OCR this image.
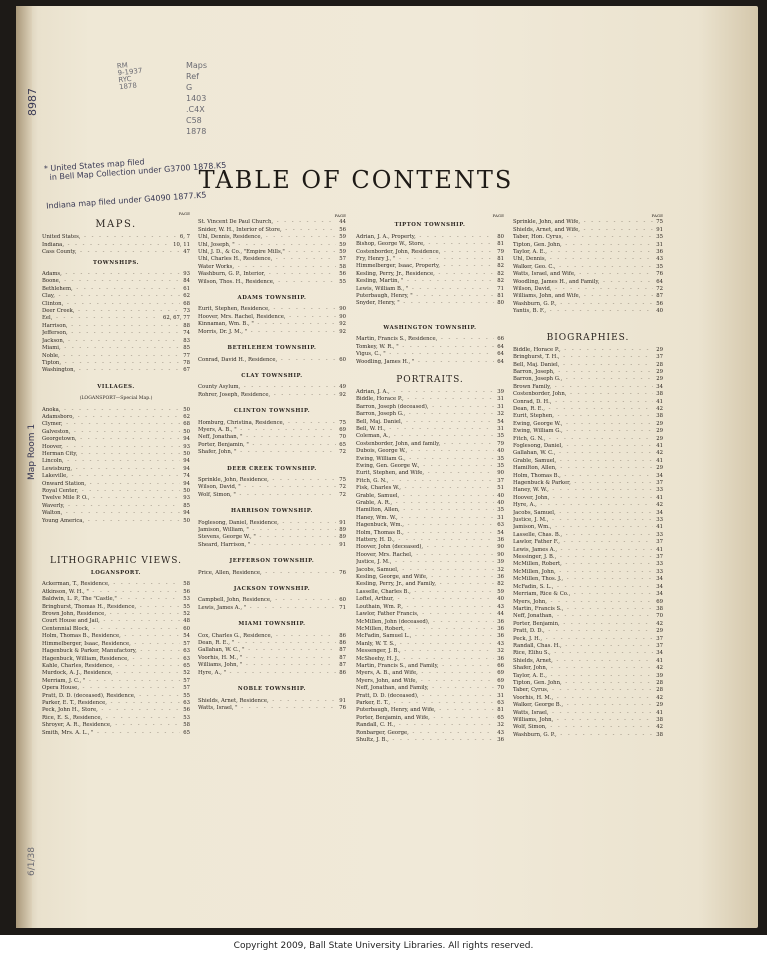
RM
9-1937
RYC
1878
Maps
Ref
G
1403
.C4X
C58
1878
8987
* United States map filed
in Bell Map Collection under G3700 1878.K5
Indiana map filed under G4090 1877.K5
Map Room 1
6/1/38
TABLE OF CONTENTS
PAGE
MAPS.
United States, - - -	6, 7
Indiana, - - -	10, 11
Cass County, - - -	47
TOWNSHIPS.
Adams, - - -	93
Boone, - - -	84
Bethlehem, - - -	61
Clay, - - -	62
Clinton, - - -	68
Deer Creek, - - -	73
Eel, - - -	62, 67, 77
Harrison, - - -	88
Jefferson, - - -	74
Jackson, - - -	83
Miami, - - -	85
Noble, - - -	77
Tipton, - - -	78
Washington, - - -	67
VILLAGES.
(LOGANSPORT—Special Map.)
Anoka, - - -	50
Adamsboro, - - -	62
Clymer, - - -	68
Galveston, - - -	50
Georgetown, - - -	94
Hoover, - - -	93
Herman City, - - -	50
Lincoln, - - -	94
Lewisburg, - - -	94
Lakeville, - - -	74
Onward Station, - - -	94
Royal Center, - - -	50
Twelve Mile P. O., - - -	93
Waverly, - - -	85
Walton, - - -	94
Young America, - - -	50
LITHOGRAPHIC VIEWS.
LOGANSPORT.
Ackerman, T., Residence, - - -	58
Atkinson, W. H., " - - -	56
Baldwin, L. P., The "Castle," - - -	53
Bringhurst, Thomas H., Residence, - - -	55
Brown John, Residence, - - -	52
Court House and Jail, - - -	48
Centennial Block, - - -	60
Holm, Thomas B., Residence, - - -	54
Himmelberger, Isaac, Residence, - - -	57
Hagenbuck & Parker, Manufactory, - - -	63
Hagenbuck, William, Residence, - - -	63
Kahle, Charles, Residence, - - -	65
Murdock, A. J., Residence, - - -	52
Merriam, J. C., " - - -	57
Opera House, - - -	57
Pratt, D. D. (deceased), Residence, - - -	55
Parker, E. T., Residence, - - -	63
Peck, John H., Store, - - -	56
Rice, E. S., Residence, - - -	53
Shroyer, A. R., Residence, - - -	58
Smith, Mrs. A. L., " - - -	65
PAGE
St. Vincent De Paul Church, - - -	44
Snider, W. H., Interior of Store, - - -	56
Uhl, Dennis, Residence, - - -	59
Uhl, Joseph, " - - -	59
Uhl, J. D., & Co., "Empire Mills," - - -	59
Uhl, Charles H., Residence, - - -	57
Water Works, - - -	58
Washburn, G. P., Interior, - - -	56
Wilson, Thos. H., Residence, - - -	55
ADAMS TOWNSHIP.
Eurit, Stephen, Residence, - - -	90
Hoover, Mrs. Rachel, Residence, - - -	90
Kinnaman, Wm. B., " - - -	92
Morris, Dr. J. M., " - - -	92
BETHLEHEM TOWNSHIP.
Conrad, David H., Residence, - - -	60
CLAY TOWNSHIP.
County Asylum, - - -	49
Rohrer, Joseph, Residence, - - -	92
CLINTON TOWNSHIP.
Homburg, Christina, Residence, - - -	75
Myers, A. B., " - - -	69
Neff, Jonathan, " - - -	70
Porter, Benjamin, " - - -	65
Shafer, John, " - - -	72
DEER CREEK TOWNSHIP.
Sprinkle, John, Residence, - - -	75
Wilson, David, " - - -	72
Wolf, Simon, " - - -	72
HARRISON TOWNSHIP.
Foglesong, Daniel, Residence, - - -	91
Jamison, William, " - - -	89
Stevens, George W., " - - -	89
Sheard, Harrison, " - - -	91
JEFFERSON TOWNSHIP.
Price, Allen, Residence, - - -	76
JACKSON TOWNSHIP.
Campbell, John, Residence, - - -	60
Lewis, James A., " - - -	71
MIAMI TOWNSHIP.
Cox, Charles G., Residence, - - -	86
Dean, R. E., " - - -	86
Gallahan, W. C., " - - -	87
Voorhis, H. M., " - - -	87
Williams, John, " - - -	87
Hyre, A., " - - -	86
NOBLE TOWNSHIP.
Shields, Arnet, Residence, - - -	91
Watts, Israel, " - - -	76
PAGE
TIPTON TOWNSHIP.
Adrian, J. A., Property, - - -	80
Bishop, George W., Store, - - -	81
Costenborder, John, Residence, - - -	79
Fry, Henry J., " - - -	81
Himmelberger, Isaac, Property, - - -	82
Kesling, Perry, Jr., Residence, - - -	82
Kesling, Martin, " - - -	82
Lewis, William B., " - - -	71
Puterbaugh, Henry, " - - -	81
Snyder, Henry, " - - -	80
WASHINGTON TOWNSHIP.
Martin, Francis S., Residence, - - -	66
Tomkey, W. R., " - - -	64
Vigus, C., " - - -	64
Woodling, James H., " - - -	64
PORTRAITS.
Adrian, J. A., - - -	39
Biddle, Horace P., - - -	31
Barron, Joseph (deceased), - - -	31
Barron, Joseph G., - - -	32
Bell, Maj. Daniel, - - -	54
Bell, W. H., - - -	31
Coleman, A., - - -	35
Costenborder, John, and family, - - -	79
Dubois, George W., - - -	40
Ewing, William G., - - -	35
Ewing, Gen. George W., - - -	35
Eurit, Stephen, and Wife, - - -	90
Fitch, G. N., - - -	37
Fisk, Charles W., - - -	51
Grable, Samuel, - - -	40
Grable, A. R., - - -	40
Hamilton, Allen, - - -	35
Haney, Wm. W., - - -	31
Hagenbuck, Wm., - - -	63
Holm, Thomas B., - - -	54
Hattery, H. D., - - -	36
Hoover, John (deceased), - - -	90
Hoover, Mrs. Rachel, - - -	90
Justice, J. M., - - -	39
Jacobs, Samuel, - - -	32
Kesling, George, and Wife, - - -	36
Kesling, Perry, Jr., and Family, - - -	82
Lasselle, Charles B., - - -	59
Loftel, Arthur, - - -	40
Louthain, Wm. P., - - -	43
Lawlor, Father Francis, - - -	44
McMillen, John (deceased), - - -	36
McMillen, Robert, - - -	36
McFadin, Samuel L., - - -	36
Manly, W. T. S., - - -	43
Messenger, J. B., - - -	32
McSheehy, H. J., - - -	36
Martin, Francis S., and Family, - - -	66
Myers, A. B., and Wife, - - -	69
Myers, John, and Wife, - - -	69
Neff, Jonathan, and Family, - - -	70
Pratt, D. D. (deceased), - - -	31
Parker, E. T., - - -	63
Puterbaugh, Henry, and Wife, - - -	81
Porter, Benjamin, and Wife, - - -	65
Randall, C. H., - - -	32
Ronbarger, George, - - -	43
Shultz, J. B., - - -	36
PAGE
Sprinkle, John, and Wife, - - -	75
Shields, Arnet, and Wife, - - -	91
Taber, Hon. Cyrus, - - -	35
Tipton, Gen. John, - - -	31
Taylor, A. E., - - -	36
Uhl, Dennis, - - -	43
Walker, Geo. C., - - -	35
Watts, Israel, and Wife, - - -	76
Woodling, James H., and Family, - - -	64
Wilson, David, - - -	72
Williams, John, and Wife, - - -	87
Washburn, G. P., - - -	56
Yantis, B. F., - - -	40
BIOGRAPHIES.
Biddle, Horace P., - - -	29
Bringhurst, T. H., - - -	37
Bell, Maj. Daniel, - - -	28
Barron, Joseph, - - -	29
Barron, Joseph G., - - -	29
Brown Family, - - -	34
Costenborder, John, - - -	38
Conrad, D. H., - - -	41
Dean, R. E., - - -	42
Eurit, Stephen, - - -	38
Ewing, George W., - - -	29
Ewing, William G., - - -	29
Fitch, G. N., - - -	29
Foglesong, Daniel, - - -	41
Gallahan, W. C., - - -	42
Grable, Samuel, - - -	41
Hamilton, Allen, - - -	29
Holm, Thomas B., - - -	34
Hagenbuck & Parker, - - -	37
Haney, W. W., - - -	33
Hoover, John, - - -	41
Hyre, A., - - -	42
Jacobs, Samuel, - - -	34
Justice, J. M., - - -	33
Jamison, Wm., - - -	41
Lasselle, Chas. B., - - -	33
Lawlor, Father F., - - -	37
Lewis, James A., - - -	41
Messinger, J. B., - - -	37
McMillen, Robert, - - -	33
McMillen, John, - - -	33
McMillen, Thos. J., - - -	34
McFadin, S. L., - - -	34
Merriam, Rice & Co., - - -	34
Myers, John, - - -	69
Martin, Francis S., - - -	38
Neff, Jonathan, - - -	70
Porter, Benjamin, - - -	42
Pratt, D. D., - - -	29
Peck, J. H., - - -	37
Randall, Chas. H., - - -	37
Rice, Elihu S., - - -	34
Shields, Arnet, - - -	41
Shafer, John, - - -	42
Taylor, A. E., - - -	39
Tipton, Gen. John, - - -	28
Taber, Cyrus, - - -	28
Voorhis, H. M., - - -	42
Walker, George B., - - -	29
Watts, Israel, - - -	41
Williams, John, - - -	38
Wolf, Simon, - - -	42
Washburn, G. P., - - -	38
Copyright 2009, Ball State University Libraries. All rights reserved.
